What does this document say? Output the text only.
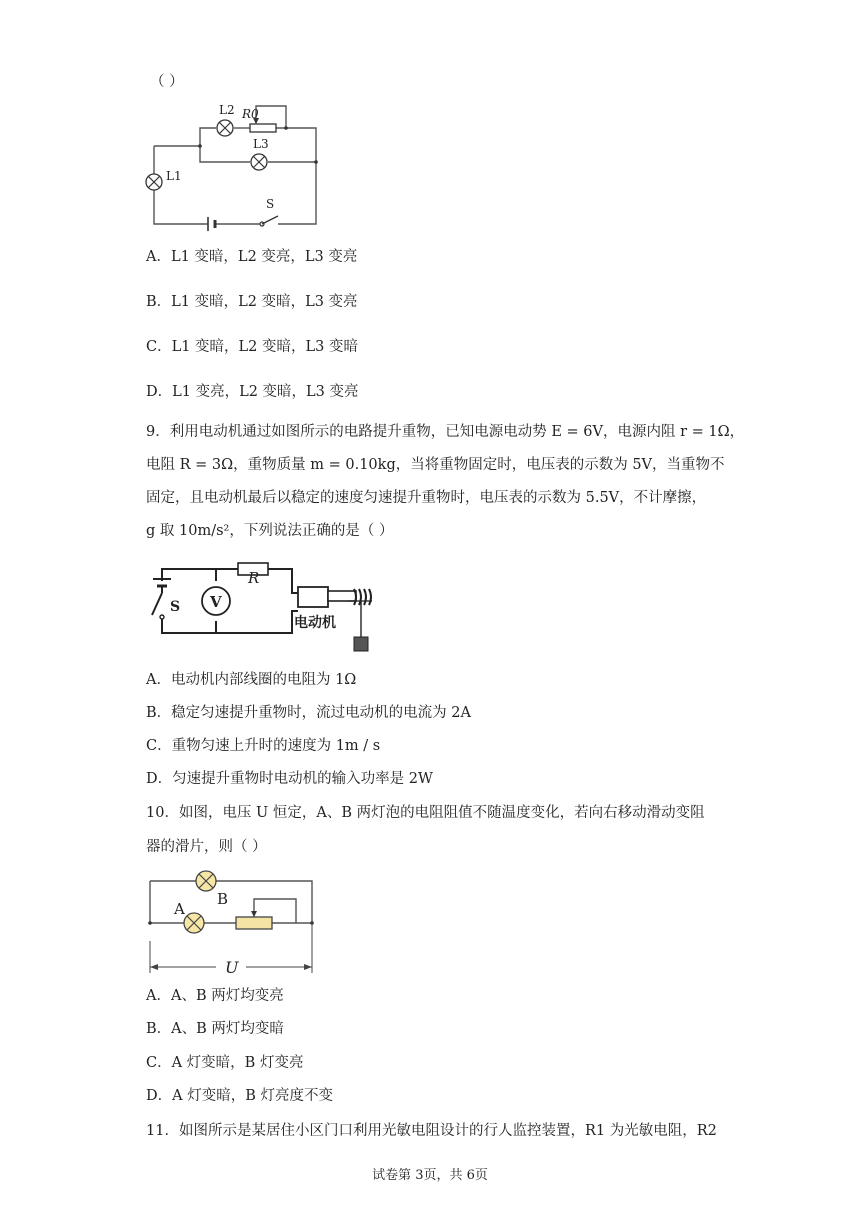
（ ）
L2 R0
L3
L1
S
A．L1 变暗，L2 变亮，L3 变亮
B．L1 变暗，L2 变暗，L3 变亮
C．L1 变暗，L2 变暗，L3 变暗
D．L1 变亮，L2 变暗，L3 变亮
9．利用电动机通过如图所示的电路提升重物，已知电源电动势 E = 6V，电源内阻 r = 1Ω，
电阻 R = 3Ω，重物质量 m = 0.10kg，当将重物固定时，电压表的示数为 5V，当重物不
固定，且电动机最后以稳定的速度匀速提升重物时，电压表的示数为 5.5V，不计摩擦，
g 取 10m/s²，下列说法正确的是（ ）
R
V
S
电动机
A．电动机内部线圈的电阻为 1Ω
B．稳定匀速提升重物时，流过电动机的电流为 2A
C．重物匀速上升时的速度为 1m / s
D．匀速提升重物时电动机的输入功率是 2W
10．如图，电压 U 恒定，A、B 两灯泡的电阻阻值不随温度变化，若向右移动滑动变阻
器的滑片，则（ ）
B
A
U
A．A、B 两灯均变亮
B．A、B 两灯均变暗
C．A 灯变暗，B 灯变亮
D．A 灯变暗，B 灯亮度不变
11．如图所示是某居住小区门口利用光敏电阻设计的行人监控装置，R1 为光敏电阻，R2
试卷第 3页，共 6页
